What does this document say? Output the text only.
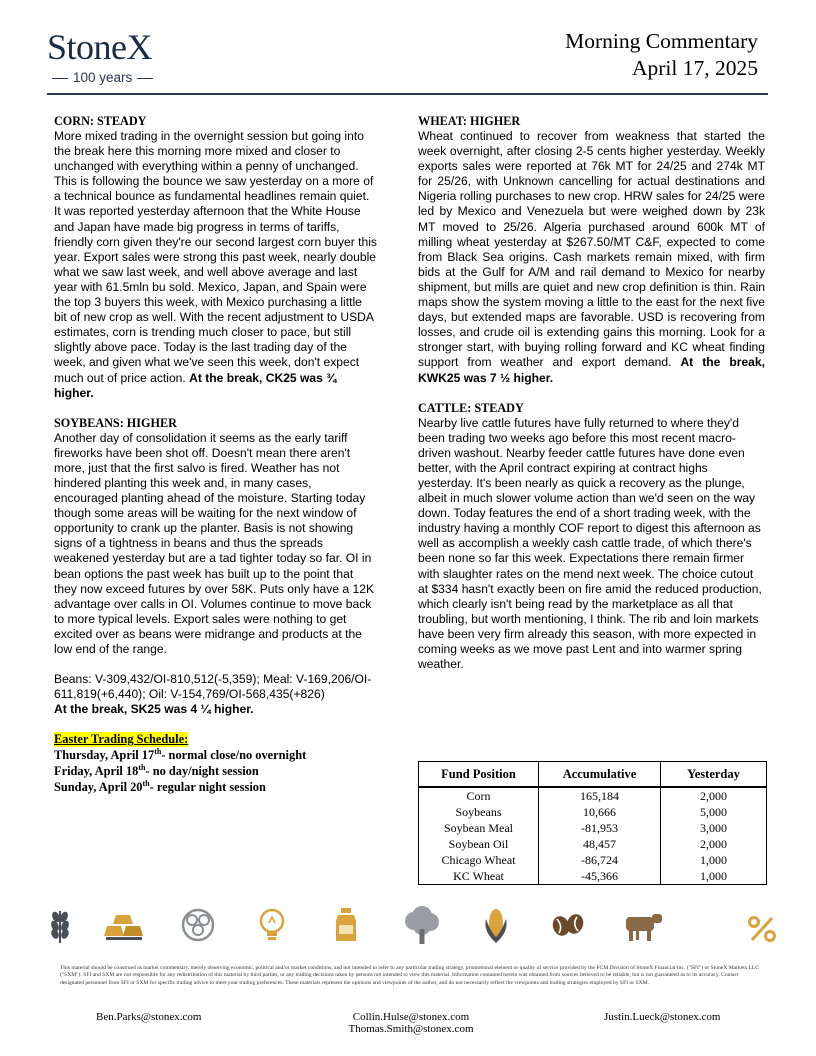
StoneX
100 years
Morning Commentary
April 17, 2025
CORN: STEADY

More mixed trading in the overnight session but going into the break here this morning more mixed and closer to unchanged with everything within a penny of unchanged. This is following the bounce we saw yesterday on a more of a technical bounce as fundamental headlines remain quiet. It was reported yesterday afternoon that the White House and Japan have made big progress in terms of tariffs, friendly corn given they're our second largest corn buyer this year. Export sales were strong this past week, nearly double what we saw last week, and well above average and last year with 61.5mln bu sold. Mexico, Japan, and Spain were the top 3 buyers this week, with Mexico purchasing a little bit of new crop as well. With the recent adjustment to USDA estimates, corn is trending much closer to pace, but still slightly above pace. Today is the last trading day of the week, and given what we've seen this week, don't expect much out of price action. At the break, CK25 was ¾ higher.

SOYBEANS: HIGHER

Another day of consolidation it seems as the early tariff fireworks have been shot off. Doesn't mean there aren't more, just that the first salvo is fired. Weather has not hindered planting this week and, in many cases, encouraged planting ahead of the moisture. Starting today though some areas will be waiting for the next window of opportunity to crank up the planter. Basis is not showing signs of a tightness in beans and thus the spreads weakened yesterday but are a tad tighter today so far. OI in bean options the past week has built up to the point that they now exceed futures by over 58K. Puts only have a 12K advantage over calls in OI. Volumes continue to move back to more typical levels. Export sales were nothing to get excited over as beans were midrange and products at the low end of the range.

Beans: V-309,432/OI-810,512(-5,359); Meal: V-169,206/OI-611,819(+6,440); Oil: V-154,769/OI-568,435(+826)

At the break, SK25 was 4 ¼ higher.

Easter Trading Schedule:
Thursday, April 17th- normal close/no overnight
Friday, April 18th- no day/night session
Sunday, April 20th- regular night session
WHEAT: HIGHER

Wheat continued to recover from weakness that started the week overnight, after closing 2-5 cents higher yesterday. Weekly exports sales were reported at 76k MT for 24/25 and 274k MT for 25/26, with Unknown cancelling for actual destinations and Nigeria rolling purchases to new crop. HRW sales for 24/25 were led by Mexico and Venezuela but were weighed down by 23k MT moved to 25/26. Algeria purchased around 600k MT of milling wheat yesterday at $267.50/MT C&F, expected to come from Black Sea origins. Cash markets remain mixed, with firm bids at the Gulf for A/M and rail demand to Mexico for nearby shipment, but mills are quiet and new crop definition is thin. Rain maps show the system moving a little to the east for the next five days, but extended maps are favorable. USD is recovering from losses, and crude oil is extending gains this morning. Look for a stronger start, with buying rolling forward and KC wheat finding support from weather and export demand. At the break, KWK25 was 7 ½ higher.

CATTLE: STEADY

Nearby live cattle futures have fully returned to where they'd been trading two weeks ago before this most recent macro-driven washout. Nearby feeder cattle futures have done even better, with the April contract expiring at contract highs yesterday. It's been nearly as quick a recovery as the plunge, albeit in much slower volume action than we'd seen on the way down. Today features the end of a short trading week, with the industry having a monthly COF report to digest this afternoon as well as accomplish a weekly cash cattle trade, of which there's been none so far this week. Expectations there remain firmer with slaughter rates on the mend next week. The choice cutout at $334 hasn't exactly been on fire amid the reduced production, which clearly isn't being read by the marketplace as all that troubling, but worth mentioning, I think. The rib and loin markets have been very firm already this season, with more expected in coming weeks as we move past Lent and into warmer spring weather.

Fund Position	Accumulative	Yesterday
Corn	165,184	2,000
Soybeans	10,666	5,000
Soybean Meal	-81,953	3,000
Soybean Oil	48,457	2,000
Chicago Wheat	-86,724	1,000
KC Wheat	-45,366	1,000
This material should be construed as market commentary, merely observing economic, political and/or market conditions, and not intended to refer to any particular trading strategy, promotional element or quality of service provided by the FCM Division of StoneX Financial Inc. ("SFI") or StoneX Markets LLC ("SXM"). SFI and SXM are not responsible for any redistribution of this material by third parties, or any trading decisions taken by persons not intended to view this material. Information contained herein was obtained from sources believed to be reliable, but is not guaranteed as to its accuracy. Contact designated personnel from SFI or SXM for specific trading advice to meet your trading preferences. These materials represent the opinions and viewpoints of the author, and do not necessarily reflect the viewpoints and trading strategies employed by SFI or SXM.
Ben.Parks@stonex.com	Collin.Hulse@stonex.com
Thomas.Smith@stonex.com
Justin.Lueck@stonex.com
